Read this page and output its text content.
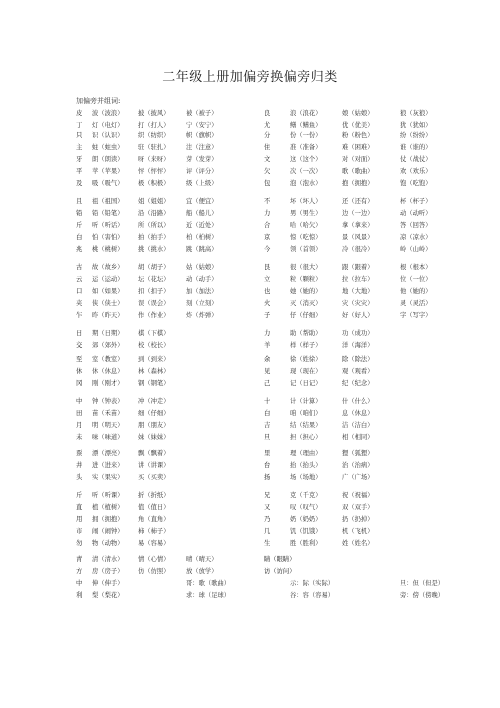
二年级上册加偏旁换偏旁归类
加偏旁并组词:
皮 波（波浪） 披（披风）	被（被子）	良	浪（浪花）	娘（姑娘）	狼（灰狼）
丁 灯（电灯） 打（打人）	宁（安宁）	尤	鳝（鳝鱼）	优（优美）	犹（犹如）
只 识（认识） 织（纺织）	帜（旗帜）	分	份（一份）	粉（粉色）	纷（纷纷）
主 蛀（蛀虫） 驻（驻扎）	注（注意）	住	准（准备）	难（困难）	谁（谁的）
牙 朗（朗读） 呀（来呀）	芽（发芽）	文	这（这个）	对（对面）	仗（战仗）
平 苹（苹果） 怦（怦怦）	评（评分）	欠	次（一次）	歌（歌曲）	欢（欢乐）
及 吸（吸气） 极（积极）	级（上级）	包	泡（泡水）	抱（拥抱）	饱（吃饱）
且 祖（祖国） 姐（姐姐）	宜（便宜）	不	坏（坏人）	还（还有）	杯（杯子）
铅 铅（铅笔） 沿（沿路）	船（船儿）	力	男（男生）	边（一边）	动（动听）
斤 听（听话） 所（所以）	近（近处）	合	哈（哈欠）	拿（拿来）	答（回答）
白 怕（害怕） 拍（拍手）	柏（柏树）	京	惊（吃惊）	景（风景）	凉（凉水）
兆 桃（桃树） 挑（挑水）	跳（跳高）	今	领（首领）	冷（很冷）	岭（山岭）
古 故（故乡） 胡（胡子）	姑（姑娘）	艮	很（很大）	跟（跟着）	根（根本）
云 运（运动） 坛（花坛）	动（动手）	立	粒（颗粒）	拉（拉车）	位（一位）
口 如（如果） 扣（扣子）	加（加法）	也	她（她的）	地（大地）	他（她的）
夹 侠（侠士） 误（误会）	刻（立刻）	火	灭（消灭）	灾（灾灾）	灵（灵活）
乍 昨（昨天） 作（作业）	炸（炸弹）	子	仔（仔细）	好（好人）	字（写字）
日 期（日期） 棋（下棋）	力	助（帮助）	功（成功）
交 郊（郊外） 校（校长）	羊	样（样子）	洋（海洋）
至 室（教室） 到（到来）	余	徐（姓徐）	除（除法）
休 休（休息） 林（森林）	见	现（现在）	观（观看）
冈 刚（刚才） 钢（钢笔）	己	记（日记）	纪（纪念）
中 钟（钟表） 冲（冲走）	十	计（计算）	什（什么）
田 苗（禾苗） 细（仔细）	白	咱（咱们）	息（休息）
月 明（明天） 朋（朋友）	吉	结（结果）	洁（洁白）
未 味（味道） 妹（妹妹）	旦	担（担心）	相（相同）
票 漂（漂亮） 飘（飘着）	里	理（理由）	狸（狐狸）
井 进（进来） 讲（讲课）	台	抬（抬头）	治（治病）
头 实（果实） 买（买卖）	扬	场（场地）	广（广场）
斤 听（听课） 折（折纸）	兄	克（千克）	祝（祝福）
直 植（植树） 值（值日）	又	叹（叹气）	双（双手）
用 拥（拥抱） 角（直角）	乃	奶（奶奶）	扔（扔掉）
市 闹（闹钟） 柿（柿子）	几	饥（饥饿）	机（飞机）
勿 物（动物） 易（容易）	生	胜（胜利）	姓（姓名）
青 清（清水） 情（心情）	晴（晴天）	睛（眼睛）
方 房（房子） 仿（仿照）	放（放学）	访（访问）
中 伸（伸手）	哥：歌（歌曲）	示：际（实际）	旦：但（但是）
利 梨（梨花）	求：球（足球）	谷：容（容易）	旁：傍（傍晚）
